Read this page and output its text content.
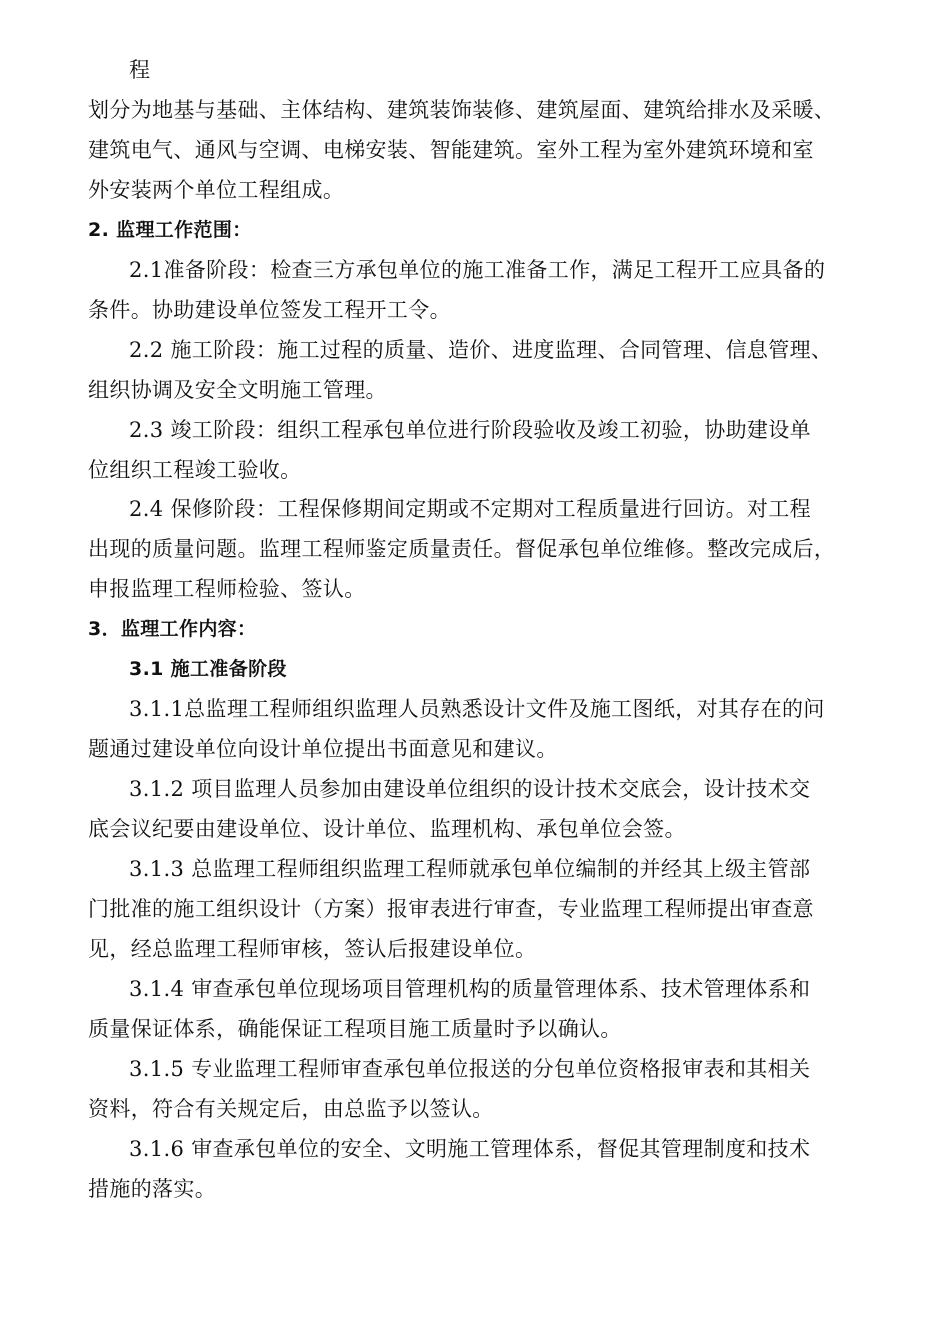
程
划分为地基与基础、主体结构、建筑装饰装修、建筑屋面、建筑给排水及采暖、
建筑电气、通风与空调、电梯安装、智能建筑。室外工程为室外建筑环境和室
外安装两个单位工程组成。
2. 监理工作范围：
2.1准备阶段：检查三方承包单位的施工准备工作，满足工程开工应具备的
条件。协助建设单位签发工程开工令。
2.2 施工阶段：施工过程的质量、造价、进度监理、合同管理、信息管理、
组织协调及安全文明施工管理。
2.3 竣工阶段：组织工程承包单位进行阶段验收及竣工初验，协助建设单
位组织工程竣工验收。
2.4 保修阶段：工程保修期间定期或不定期对工程质量进行回访。对工程
出现的质量问题。监理工程师鉴定质量责任。督促承包单位维修。整改完成后，
申报监理工程师检验、签认。
3．监理工作内容：
3.1 施工准备阶段
3.1.1总监理工程师组织监理人员熟悉设计文件及施工图纸，对其存在的问
题通过建设单位向设计单位提出书面意见和建议。
3.1.2 项目监理人员参加由建设单位组织的设计技术交底会，设计技术交
底会议纪要由建设单位、设计单位、监理机构、承包单位会签。
3.1.3 总监理工程师组织监理工程师就承包单位编制的并经其上级主管部
门批准的施工组织设计（方案）报审表进行审查，专业监理工程师提出审查意
见，经总监理工程师审核，签认后报建设单位。
3.1.4 审查承包单位现场项目管理机构的质量管理体系、技术管理体系和
质量保证体系，确能保证工程项目施工质量时予以确认。
3.1.5 专业监理工程师审查承包单位报送的分包单位资格报审表和其相关
资料，符合有关规定后，由总监予以签认。
3.1.6 审查承包单位的安全、文明施工管理体系，督促其管理制度和技术
措施的落实。
